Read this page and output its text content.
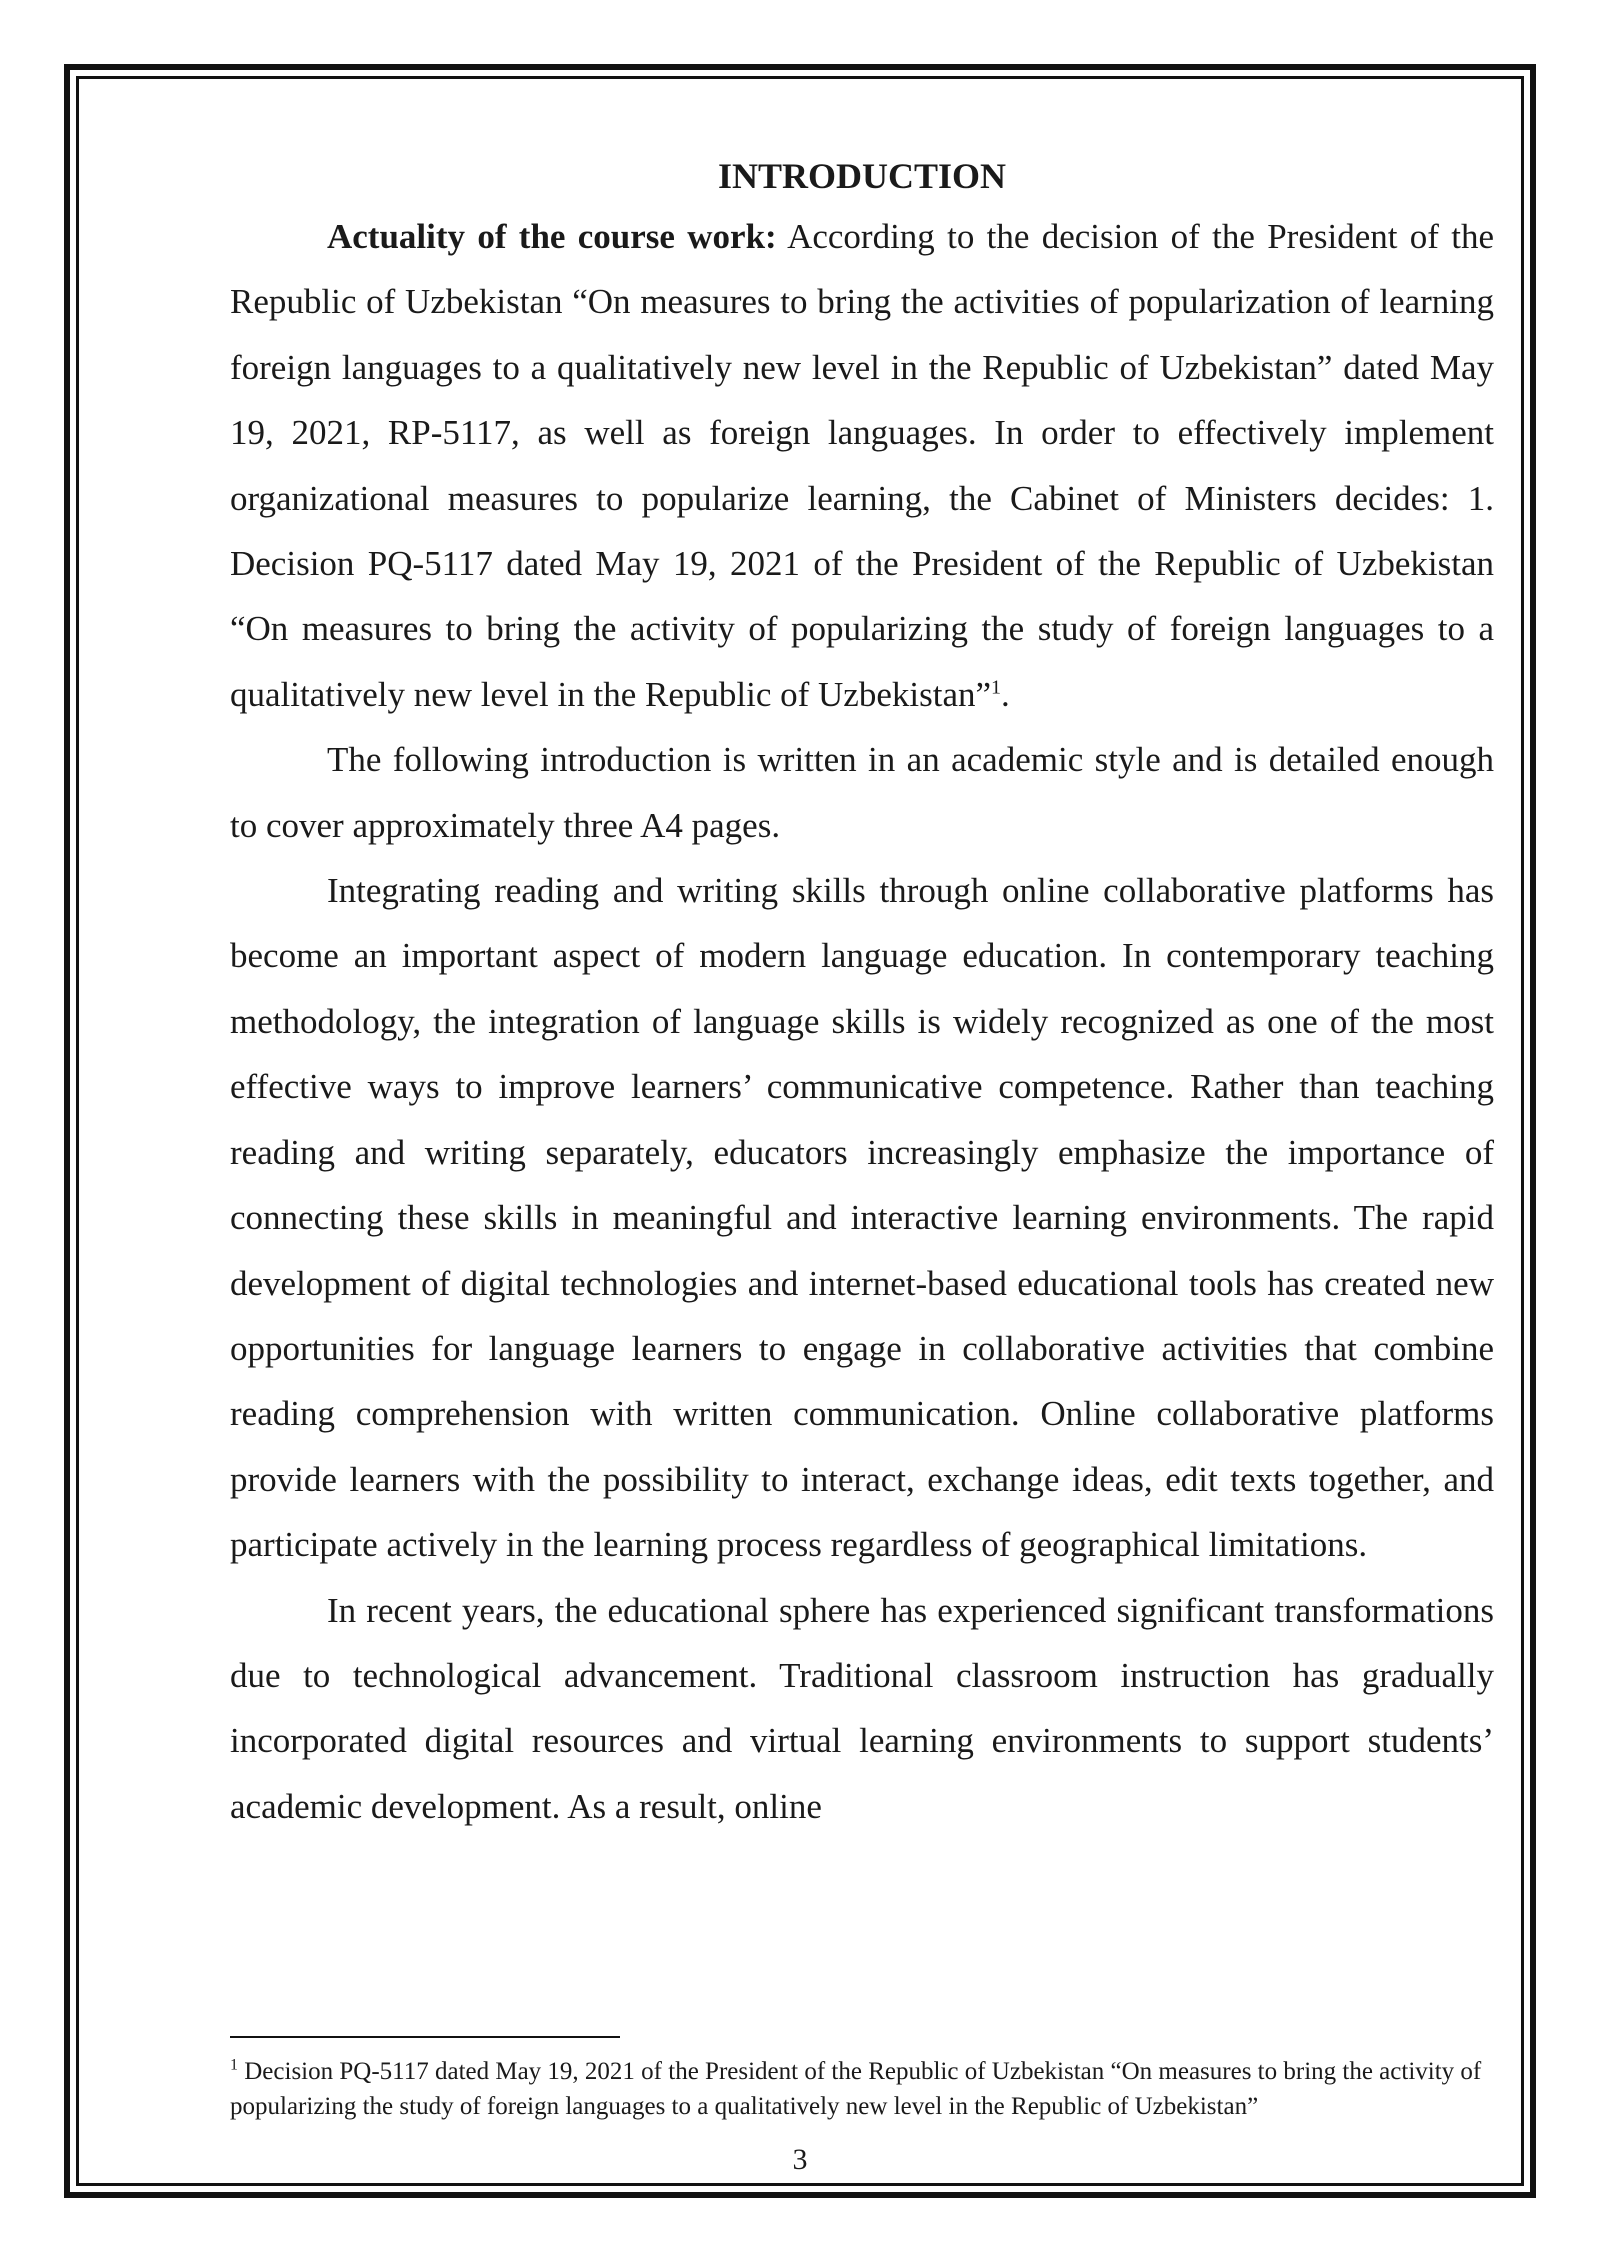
INTRODUCTION

Actuality of the course work: According to the decision of the President of the Republic of Uzbekistan “On measures to bring the activities of popularization of learning foreign languages to a qualitatively new level in the Republic of Uzbekistan” dated May 19, 2021, RP-5117, as well as foreign languages. In order to effectively implement organizational measures to popularize learning, the Cabinet of Ministers decides: 1. Decision PQ-5117 dated May 19, 2021 of the President of the Republic of Uzbekistan “On measures to bring the activity of popularizing the study of foreign languages to a qualitatively new level in the Republic of Uzbekistan”$^1$.

The following introduction is written in an academic style and is detailed enough to cover approximately three A4 pages.

Integrating reading and writing skills through online collaborative platforms has become an important aspect of modern language education. In contemporary teaching methodology, the integration of language skills is widely recognized as one of the most effective ways to improve learners’ communicative competence. Rather than teaching reading and writing separately, educators increasingly emphasize the importance of connecting these skills in meaningful and interactive learning environments. The rapid development of digital technologies and internet-based educational tools has created new opportunities for language learners to engage in collaborative activities that combine reading comprehension with written communication. Online collaborative platforms provide learners with the possibility to interact, exchange ideas, edit texts together, and participate actively in the learning process regardless of geographical limitations.

In recent years, the educational sphere has experienced significant transformations due to technological advancement. Traditional classroom instruction has gradually incorporated digital resources and virtual learning environments to support students’ academic development. As a result, online

$^1$ Decision PQ-5117 dated May 19, 2021 of the President of the Republic of Uzbekistan “On measures to bring the activity of popularizing the study of foreign languages to a qualitatively new level in the Republic of Uzbekistan”

3
